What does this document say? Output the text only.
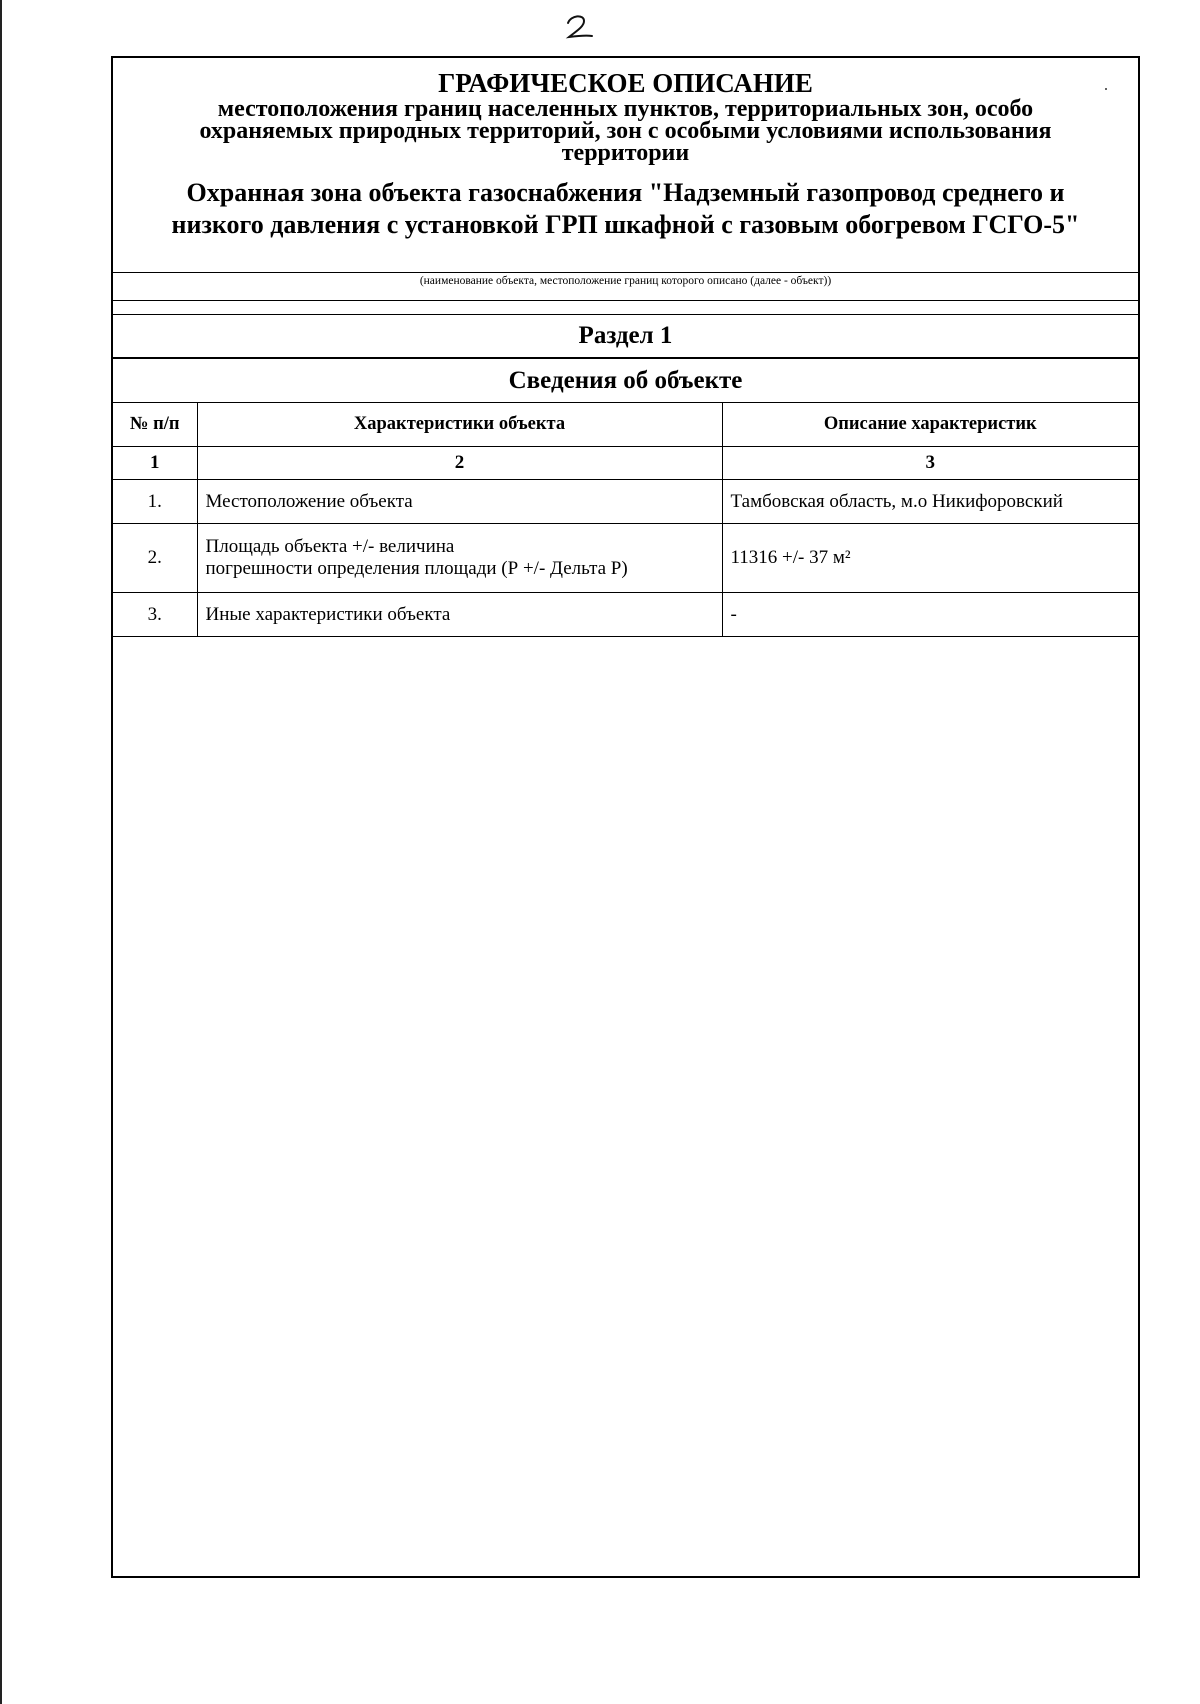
ГРАФИЧЕСКОЕ ОПИСАНИЕ

местоположения границ населенных пунктов, территориальных зон, особо
охраняемых природных территорий, зон с особыми условиями использования
территории

Охранная зона объекта газоснабжения "Надземный газопровод среднего и
низкого давления с установкой ГРП шкафной с газовым обогревом ГСГО-5"

(наименование объекта, местоположение границ которого описано (далее - объект))
Раздел 1
Сведения об объекте
№ п/п	Характеристики объекта	Описание характеристик
1	2	3
1.	Местоположение объекта	Тамбовская область, м.о Никифоровский
2.	Площадь объекта +/- величина
погрешности определения площади (Р +/- Дельта Р)	11316 +/- 37 м²
3.	Иные характеристики объекта	-
